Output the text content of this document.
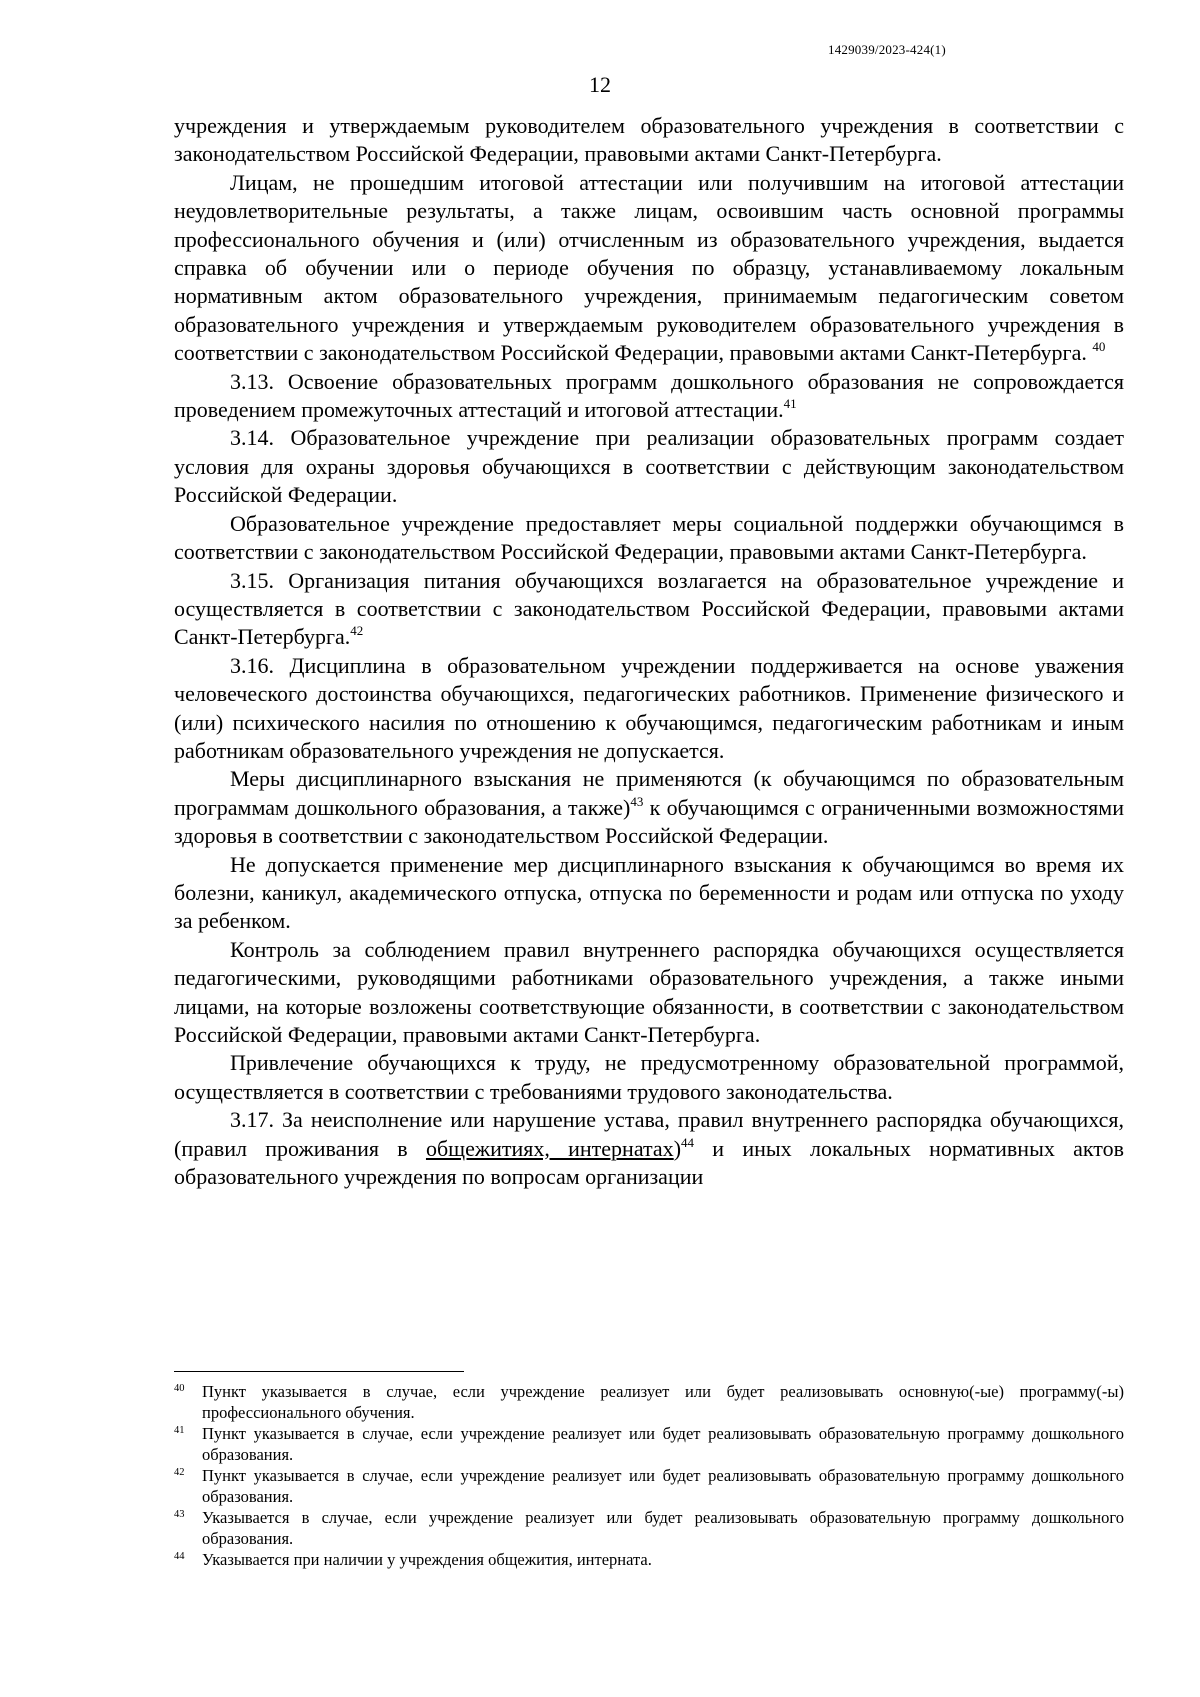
1429039/2023-424(1)
12

учреждения и утверждаемым руководителем образовательного учреждения в соответствии с законодательством Российской Федерации, правовыми актами Санкт-Петербурга.

Лицам, не прошедшим итоговой аттестации или получившим на итоговой аттестации неудовлетворительные результаты, а также лицам, освоившим часть основной программы профессионального обучения и (или) отчисленным из образовательного учреждения, выдается справка об обучении или о периоде обучения по образцу, устанавливаемому локальным нормативным актом образовательного учреждения, принимаемым педагогическим советом образовательного учреждения и утверждаемым руководителем образовательного учреждения в соответствии с законодательством Российской Федерации, правовыми актами Санкт-Петербурга. $^{40}$

3.13. Освоение образовательных программ дошкольного образования не сопровождается проведением промежуточных аттестаций и итоговой аттестации.$^{41}$

3.14. Образовательное учреждение при реализации образовательных программ создает условия для охраны здоровья обучающихся в соответствии с действующим законодательством Российской Федерации.

Образовательное учреждение предоставляет меры социальной поддержки обучающимся в соответствии с законодательством Российской Федерации, правовыми актами Санкт-Петербурга.

3.15. Организация питания обучающихся возлагается на образовательное учреждение и осуществляется в соответствии с законодательством Российской Федерации, правовыми актами Санкт-Петербурга.$^{42}$

3.16. Дисциплина в образовательном учреждении поддерживается на основе уважения человеческого достоинства обучающихся, педагогических работников. Применение физического и (или) психического насилия по отношению к обучающимся, педагогическим работникам и иным работникам образовательного учреждения не допускается.

Меры дисциплинарного взыскания не применяются (к обучающимся по образовательным программам дошкольного образования, а также)$^{43}$ к обучающимся с ограниченными возможностями здоровья в соответствии с законодательством Российской Федерации.

Не допускается применение мер дисциплинарного взыскания к обучающимся во время их болезни, каникул, академического отпуска, отпуска по беременности и родам или отпуска по уходу за ребенком.

Контроль за соблюдением правил внутреннего распорядка обучающихся осуществляется педагогическими, руководящими работниками образовательного учреждения, а также иными лицами, на которые возложены соответствующие обязанности, в соответствии с законодательством Российской Федерации, правовыми актами Санкт-Петербурга.

Привлечение обучающихся к труду, не предусмотренному образовательной программой, осуществляется в соответствии с требованиями трудового законодательства.

3.17. За неисполнение или нарушение устава, правил внутреннего распорядка обучающихся, (правил проживания в общежитиях, интернатах)$^{44}$ и иных локальных нормативных актов образовательного учреждения по вопросам организации

40	Пункт указывается в случае, если учреждение реализует или будет реализовывать основную(-ые) программу(-ы) профессионального обучения.
41	Пункт указывается в случае, если учреждение реализует или будет реализовывать образовательную программу дошкольного образования.
42	Пункт указывается в случае, если учреждение реализует или будет реализовывать образовательную программу дошкольного образования.
43	Указывается в случае, если учреждение реализует или будет реализовывать образовательную программу дошкольного образования.
44	Указывается при наличии у учреждения общежития, интерната.
